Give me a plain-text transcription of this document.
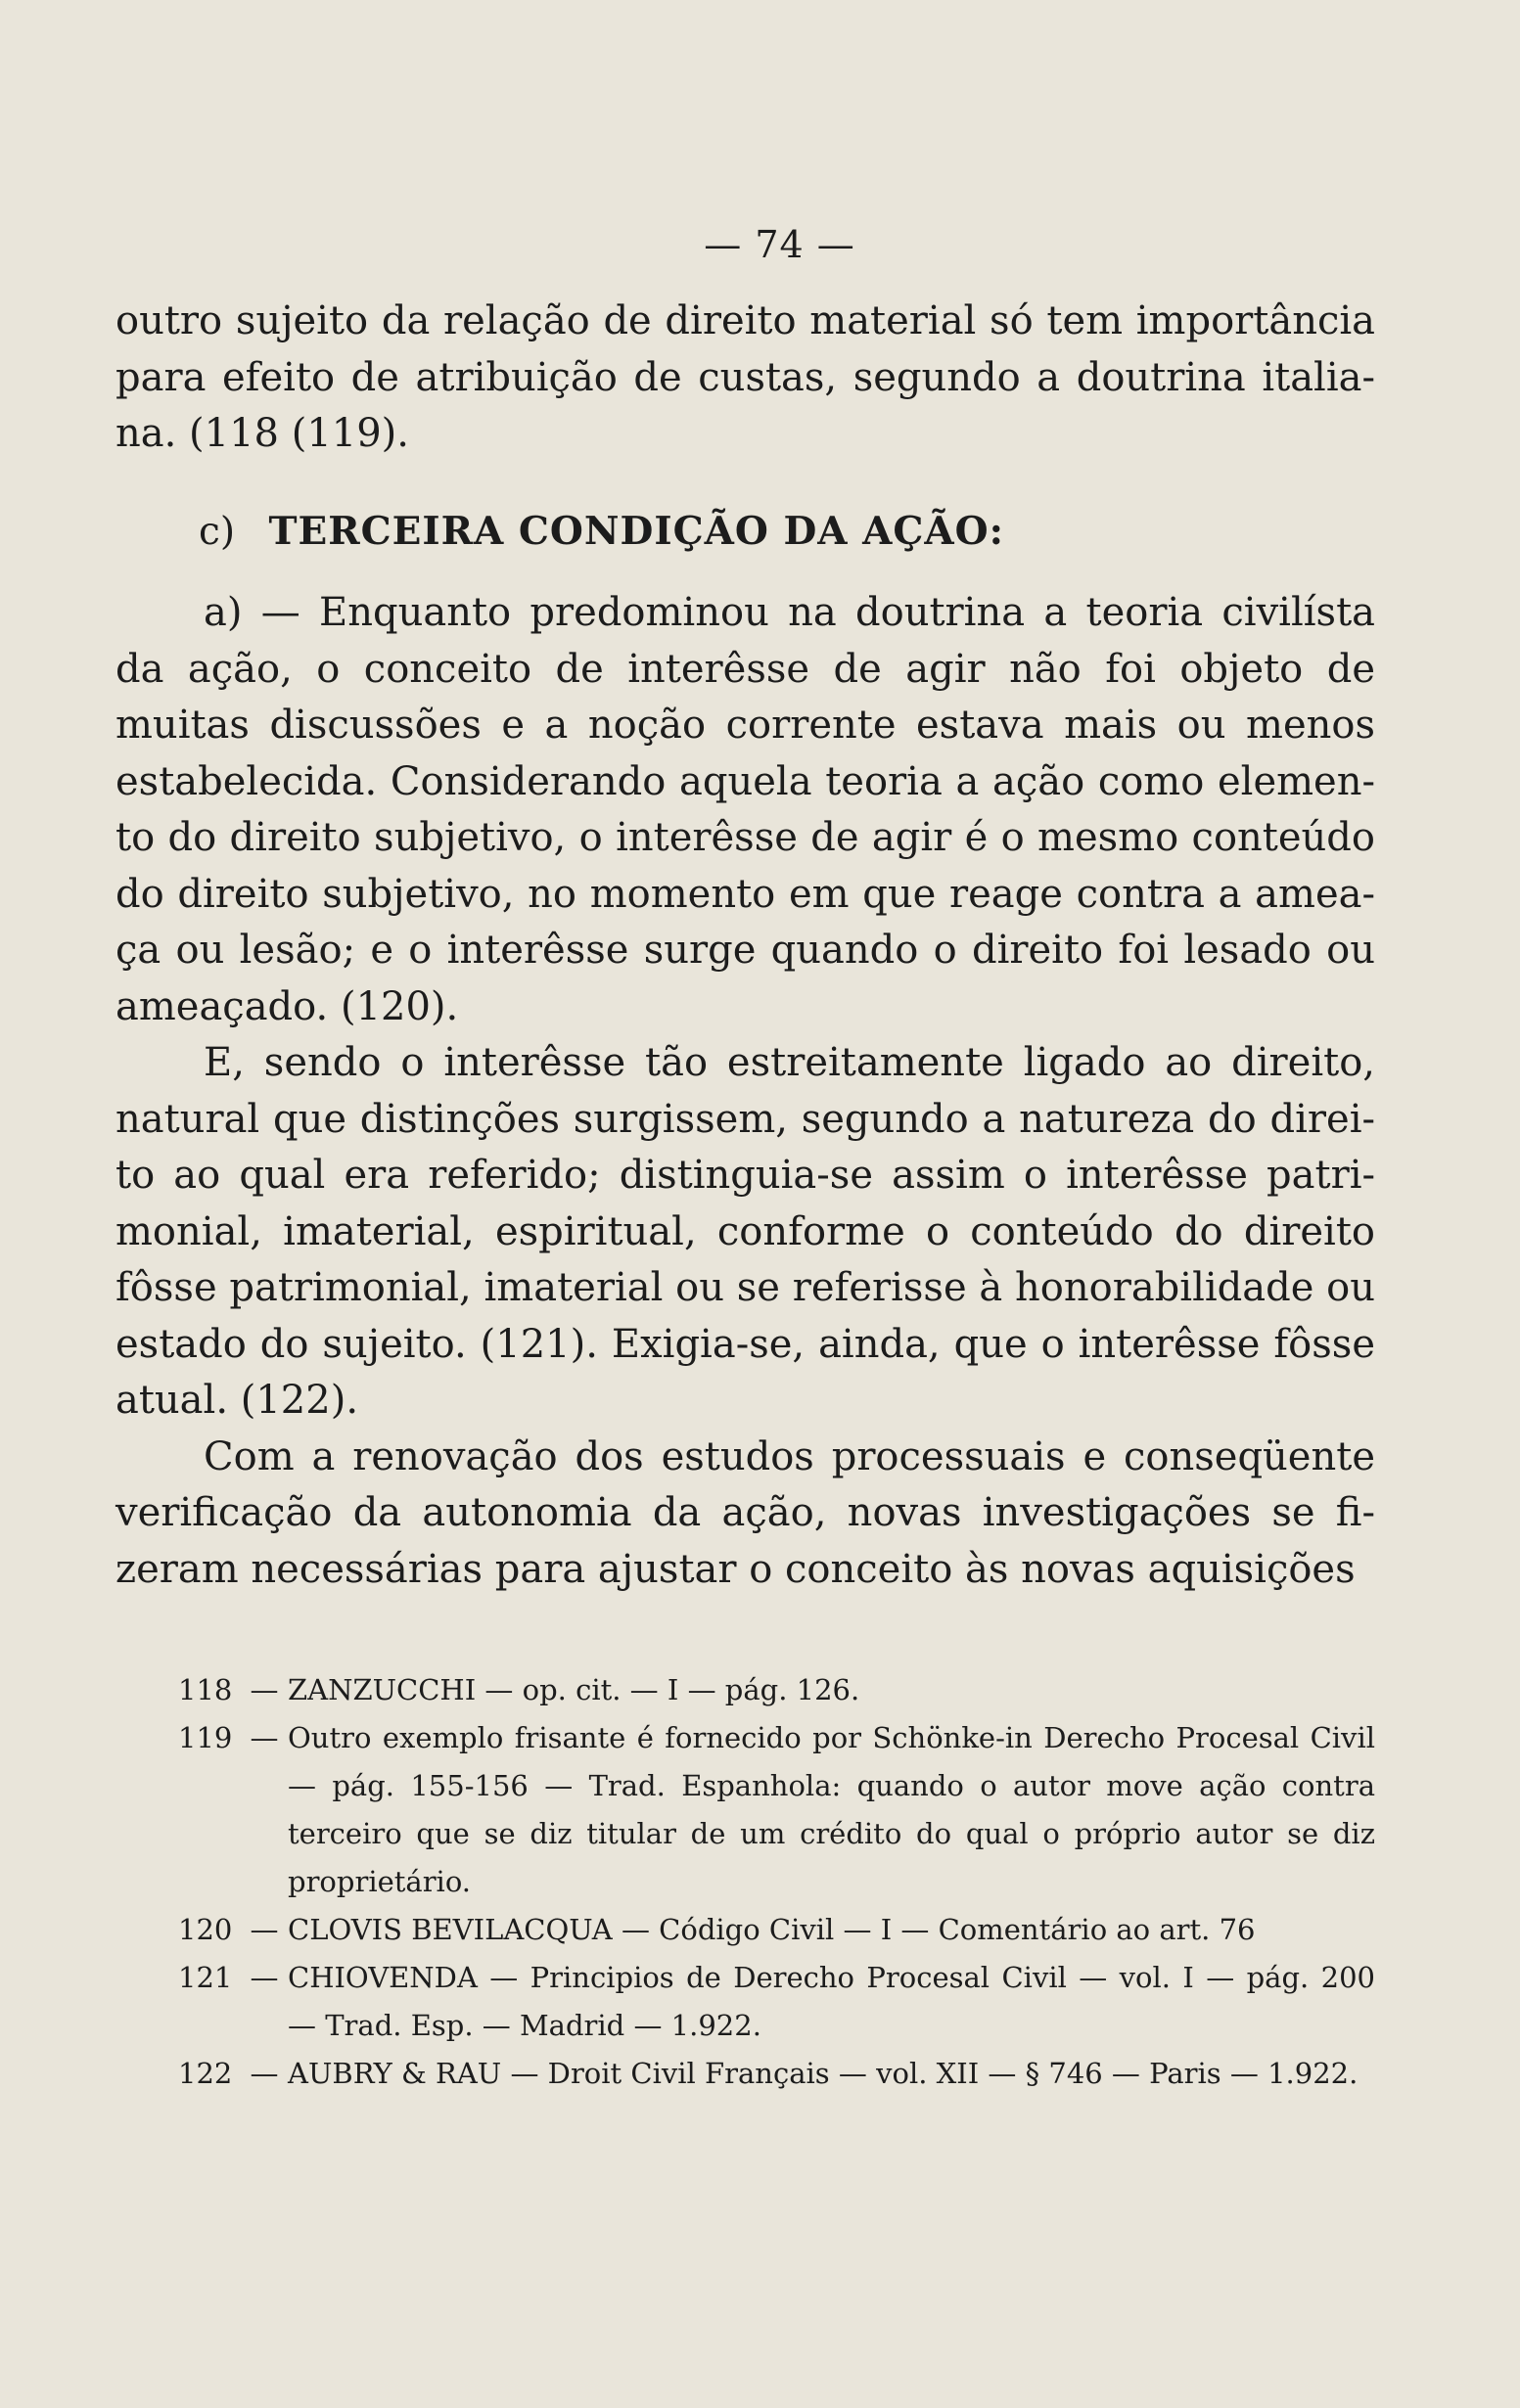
— 74 —

outro sujeito da relação de direito material só tem importância para efeito de atribuição de custas, segundo a doutrina italiana. (118 (119).

c) TERCEIRA CONDIÇÃO DA AÇÃO:

a) — Enquanto predominou na doutrina a teoria civilísta da ação, o conceito de interêsse de agir não foi objeto de muitas discussões e a noção corrente estava mais ou menos estabelecida. Considerando aquela teoria a ação como elemento do direito subjetivo, o interêsse de agir é o mesmo conteúdo do direito subjetivo, no momento em que reage contra a ameaça ou lesão; e o interêsse surge quando o direito foi lesado ou ameaçado. (120).

E, sendo o interêsse tão estreitamente ligado ao direito, natural que distinções surgissem, segundo a natureza do direito ao qual era referido; distinguia-se assim o interêsse patrimonial, imaterial, espiritual, conforme o conteúdo do direito fôsse patrimonial, imaterial ou se referisse à honorabilidade ou estado do sujeito. (121). Exigia-se, ainda, que o interêsse fôsse atual. (122).

Com a renovação dos estudos processuais e conseqüente verificação da autonomia da ação, novas investigações se fizeram necessárias para ajustar o conceito às novas aquisições

118 — ZANZUCCHI — op. cit. — I — pág. 126.
119 — Outro exemplo frisante é fornecido por Schönke-in Derecho Procesal Civil — pág. 155-156 — Trad. Espanhola: quando o autor move ação contra terceiro que se diz titular de um crédito do qual o próprio autor se diz proprietário.
120 — CLOVIS BEVILACQUA — Código Civil — I — Comentário ao art. 76
121 — CHIOVENDA — Principios de Derecho Procesal Civil — vol. I — pág. 200 — Trad. Esp. — Madrid — 1.922.
122 — AUBRY & RAU — Droit Civil Français — vol. XII — § 746 — Paris — 1.922.
